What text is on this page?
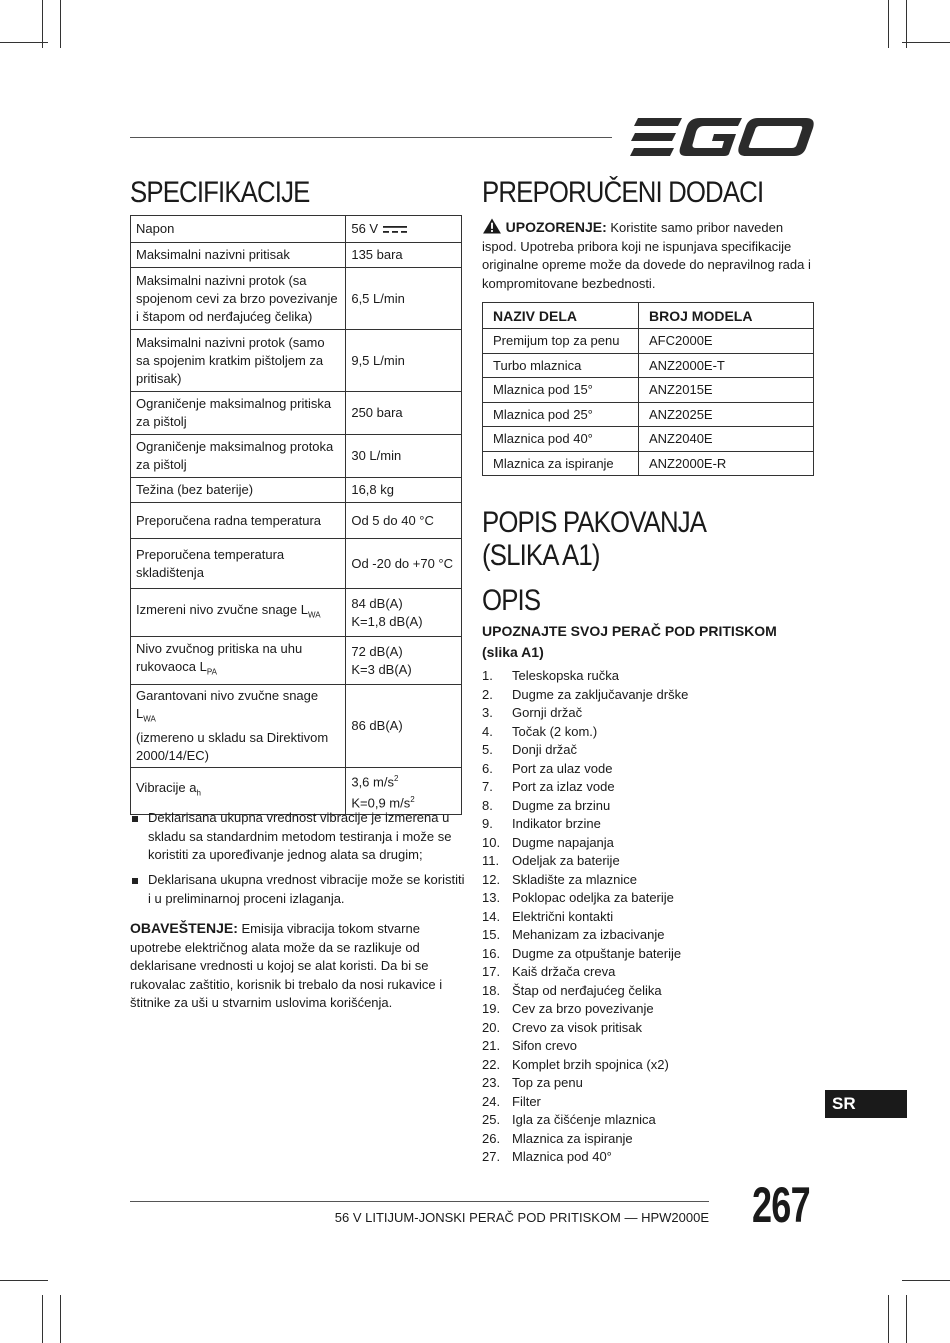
SPECIFIKACIJE
Napon	56 V
Maksimalni nazivni pritisak	135 bara
Maksimalni nazivni protok (sa spojenom cevi za brzo povezivanje i štapom od nerđajućeg čelika)	6,5 L/min
Maksimalni nazivni protok (samo sa spojenim kratkim pištoljem za pritisak)	9,5 L/min
Ograničenje maksimalnog pritiska za pištolj	250 bara
Ograničenje maksimalnog protoka za pištolj	30 L/min
Težina (bez baterije)	16,8 kg
Preporučena radna temperatura	Od 5 do 40 °C
Preporučena temperatura skladištenja	Od -20 do +70 °C
Izmereni nivo zvučne snage $L_{WA}$	84 dB(A)
K=1,8 dB(A)
Nivo zvučnog pritiska na uhu rukovaoca $L_{PA}$	72 dB(A)
K=3 dB(A)
Garantovani nivo zvučne snage $L_{WA}$
(izmereno u skladu sa Direktivom 2000/14/EC)	86 dB(A)
Vibracije $a_h$	3,6 $m/s^2$
K=0,9 $m/s^2$
Deklarisana ukupna vrednost vibracije je izmerena u skladu sa standardnim metodom testiranja i može se koristiti za upoređivanje jednog alata sa drugim;
Deklarisana ukupna vrednost vibracije može se koristiti i u preliminarnoj proceni izlaganja.
OBAVEŠTENJE: Emisija vibracija tokom stvarne upotrebe električnog alata može da se razlikuje od deklarisane vrednosti u kojoj se alat koristi. Da bi se rukovalac zaštitio, korisnik bi trebalo da nosi rukavice i štitnike za uši u stvarnim uslovima korišćenja.
PREPORUČENI DODACI
UPOZORENJE: Koristite samo pribor naveden ispod. Upotreba pribora koji ne ispunjava specifikacije originalne opreme može da dovede do nepravilnog rada i kompromitovane bezbednosti.
NAZIV DELA	BROJ MODELA
Premijum top za penu	AFC2000E
Turbo mlaznica	ANZ2000E-T
Mlaznica pod 15°	ANZ2015E
Mlaznica pod 25°	ANZ2025E
Mlaznica pod 40°	ANZ2040E
Mlaznica za ispiranje	ANZ2000E-R
POPIS PAKOVANJA
(SLIKA A1)
OPIS
UPOZNAJTE SVOJ PERAČ POD PRITISKOM
(slika A1)
1. Teleskopska ručka
2. Dugme za zaključavanje drške
3. Gornji držač
4. Točak (2 kom.)
5. Donji držač
6. Port za ulaz vode
7. Port za izlaz vode
8. Dugme za brzinu
9. Indikator brzine
10. Dugme napajanja
11. Odeljak za baterije
12. Skladište za mlaznice
13. Poklopac odeljka za baterije
14. Električni kontakti
15. Mehanizam za izbacivanje
16. Dugme za otpuštanje baterije
17. Kaiš držača creva
18. Štap od nerđajućeg čelika
19. Cev za brzo povezivanje
20. Crevo za visok pritisak
21. Sifon crevo
22. Komplet brzih spojnica (x2)
23. Top za penu
24. Filter
25. Igla za čišćenje mlaznica
26. Mlaznica za ispiranje
27. Mlaznica pod 40°
SR
56 V LITIJUM-JONSKI PERAČ POD PRITISKOM — HPW2000E 267
